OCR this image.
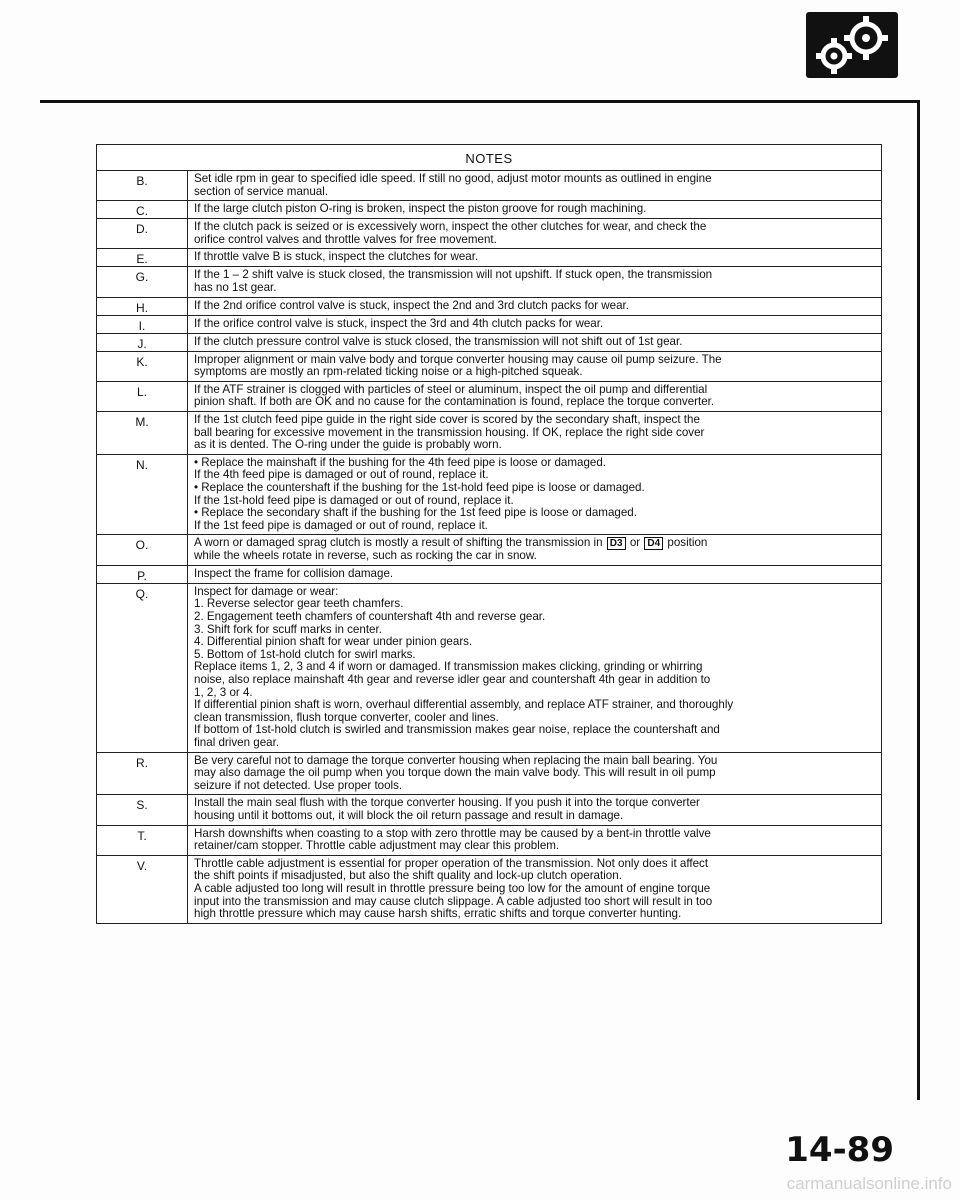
NOTES
B.	Set idle rpm in gear to specified idle speed. If still no good, adjust motor mounts as outlined in engine
section of service manual.
C.	If the large clutch piston O-ring is broken, inspect the piston groove for rough machining.
D.	If the clutch pack is seized or is excessively worn, inspect the other clutches for wear, and check the
orifice control valves and throttle valves for free movement.
E.	If throttle valve B is stuck, inspect the clutches for wear.
G.	If the 1 – 2 shift valve is stuck closed, the transmission will not upshift. If stuck open, the transmission
has no 1st gear.
H.	If the 2nd orifice control valve is stuck, inspect the 2nd and 3rd clutch packs for wear.
I.	If the orifice control valve is stuck, inspect the 3rd and 4th clutch packs for wear.
J.	If the clutch pressure control valve is stuck closed, the transmission will not shift out of 1st gear.
K.	Improper alignment or main valve body and torque converter housing may cause oil pump seizure. The
symptoms are mostly an rpm-related ticking noise or a high-pitched squeak.
L.	If the ATF strainer is clogged with particles of steel or aluminum, inspect the oil pump and differential
pinion shaft. If both are OK and no cause for the contamination is found, replace the torque converter.
M.	If the 1st clutch feed pipe guide in the right side cover is scored by the secondary shaft, inspect the
ball bearing for excessive movement in the transmission housing. If OK, replace the right side cover
as it is dented. The O-ring under the guide is probably worn.
N.	• Replace the mainshaft if the bushing for the 4th feed pipe is loose or damaged.
If the 4th feed pipe is damaged or out of round, replace it.
• Replace the countershaft if the bushing for the 1st-hold feed pipe is loose or damaged.
If the 1st-hold feed pipe is damaged or out of round, replace it.
• Replace the secondary shaft if the bushing for the 1st feed pipe is loose or damaged.
If the 1st feed pipe is damaged or out of round, replace it.
O.	A worn or damaged sprag clutch is mostly a result of shifting the transmission in D3 or D4 position
while the wheels rotate in reverse, such as rocking the car in snow.
P.	Inspect the frame for collision damage.
Q.	Inspect for damage or wear:
1. Reverse selector gear teeth chamfers.
2. Engagement teeth chamfers of countershaft 4th and reverse gear.
3. Shift fork for scuff marks in center.
4. Differential pinion shaft for wear under pinion gears.
5. Bottom of 1st-hold clutch for swirl marks.
Replace items 1, 2, 3 and 4 if worn or damaged. If transmission makes clicking, grinding or whirring
noise, also replace mainshaft 4th gear and reverse idler gear and countershaft 4th gear in addition to
1, 2, 3 or 4.
If differential pinion shaft is worn, overhaul differential assembly, and replace ATF strainer, and thoroughly
clean transmission, flush torque converter, cooler and lines.
If bottom of 1st-hold clutch is swirled and transmission makes gear noise, replace the countershaft and
final driven gear.
R.	Be very careful not to damage the torque converter housing when replacing the main ball bearing. You
may also damage the oil pump when you torque down the main valve body. This will result in oil pump
seizure if not detected. Use proper tools.
S.	Install the main seal flush with the torque converter housing. If you push it into the torque converter
housing until it bottoms out, it will block the oil return passage and result in damage.
T.	Harsh downshifts when coasting to a stop with zero throttle may be caused by a bent-in throttle valve
retainer/cam stopper. Throttle cable adjustment may clear this problem.
V.	Throttle cable adjustment is essential for proper operation of the transmission. Not only does it affect
the shift points if misadjusted, but also the shift quality and lock-up clutch operation.
A cable adjusted too long will result in throttle pressure being too low for the amount of engine torque
input into the transmission and may cause clutch slippage. A cable adjusted too short will result in too
high throttle pressure which may cause harsh shifts, erratic shifts and torque converter hunting.
14-89
carmanualsonline.info
